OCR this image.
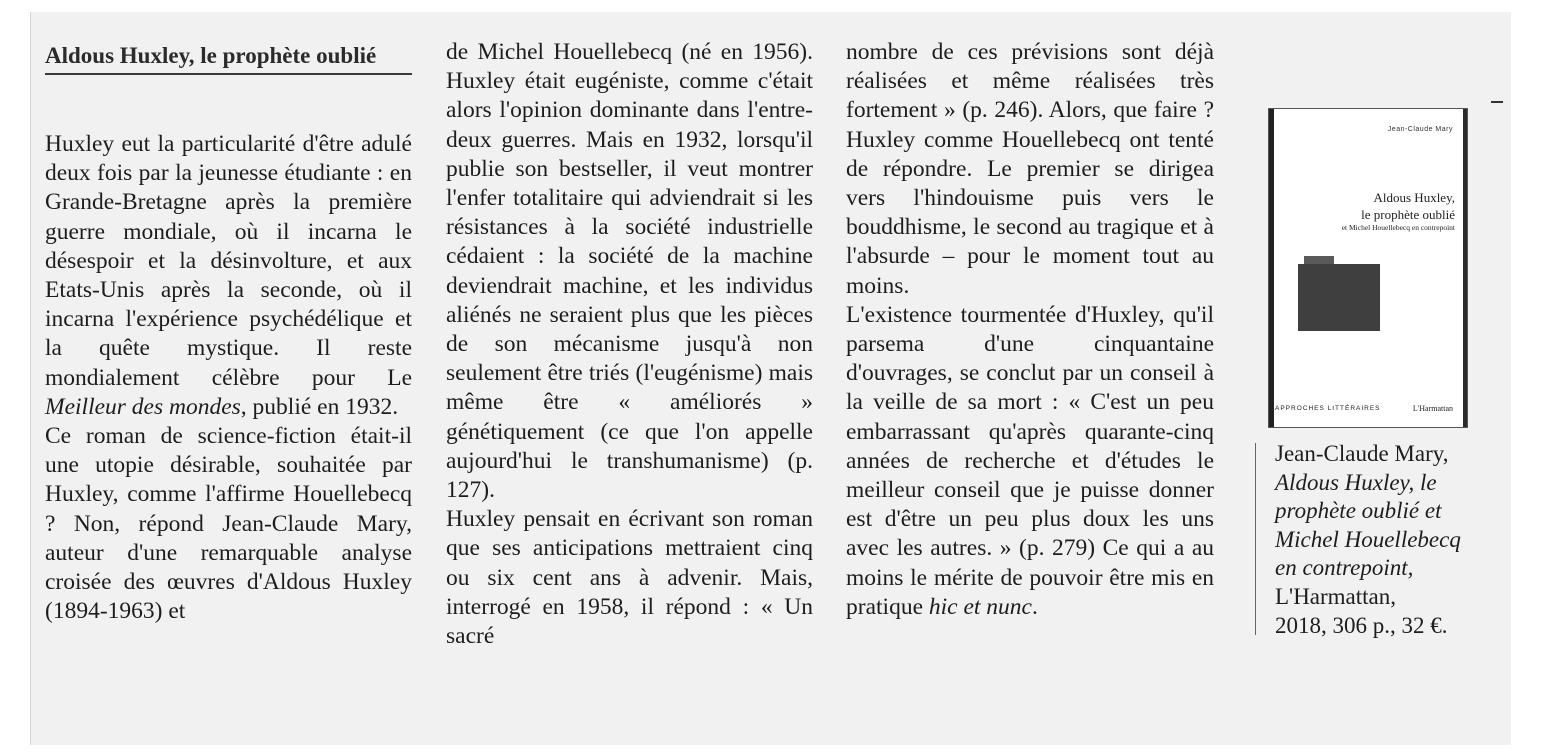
Aldous Huxley, le prophète oublié

Huxley eut la particularité d'être adulé deux fois par la jeunesse étudiante : en Grande-Bretagne après la première guerre mondiale, où il incarna le désespoir et la désinvolture, et aux Etats-Unis après la seconde, où il incarna l'expérience psychédélique et la quête mystique. Il reste mondialement célèbre pour Le Meilleur des mondes, publié en 1932.

Ce roman de science-fiction était-il une utopie désirable, souhaitée par Huxley, comme l'affirme Houellebecq ? Non, répond Jean-Claude Mary, auteur d'une remarquable analyse croisée des œuvres d'Aldous Huxley (1894-1963) et

de Michel Houellebecq (né en 1956). Huxley était eugéniste, comme c'était alors l'opinion dominante dans l'entre-deux guerres. Mais en 1932, lorsqu'il publie son bestseller, il veut montrer l'enfer totalitaire qui adviendrait si les résistances à la société industrielle cédaient : la société de la machine deviendrait machine, et les individus aliénés ne seraient plus que les pièces de son mécanisme jusqu'à non seulement être triés (l'eugénisme) mais même être « améliorés » génétiquement (ce que l'on appelle aujourd'hui le transhumanisme) (p. 127).

Huxley pensait en écrivant son roman que ses anticipations mettraient cinq ou six cent ans à advenir. Mais, interrogé en 1958, il répond : « Un sacré

nombre de ces prévisions sont déjà réalisées et même réalisées très fortement » (p. 246). Alors, que faire ? Huxley comme Houellebecq ont tenté de répondre. Le premier se dirigea vers l'hindouisme puis vers le bouddhisme, le second au tragique et à l'absurde – pour le moment tout au moins.

L'existence tourmentée d'Huxley, qu'il parsema d'une cinquantaine d'ouvrages, se conclut par un conseil à la veille de sa mort : « C'est un peu embarrassant qu'après quarante-cinq années de recherche et d'études le meilleur conseil que je puisse donner est d'être un peu plus doux les uns avec les autres. » (p. 279) Ce qui a au moins le mérite de pouvoir être mis en pratique hic et nunc.

Jean-Claude Mary
Aldous Huxley,
le prophète oublié
et Michel Houellebecq en contrepoint
APPROCHES LITTÉRAIRES	L'Harmattan
Jean-Claude Mary,
Aldous Huxley, le
prophète oublié et
Michel Houellebecq
en contrepoint,
L'Harmattan,
2018, 306 p., 32 €.
